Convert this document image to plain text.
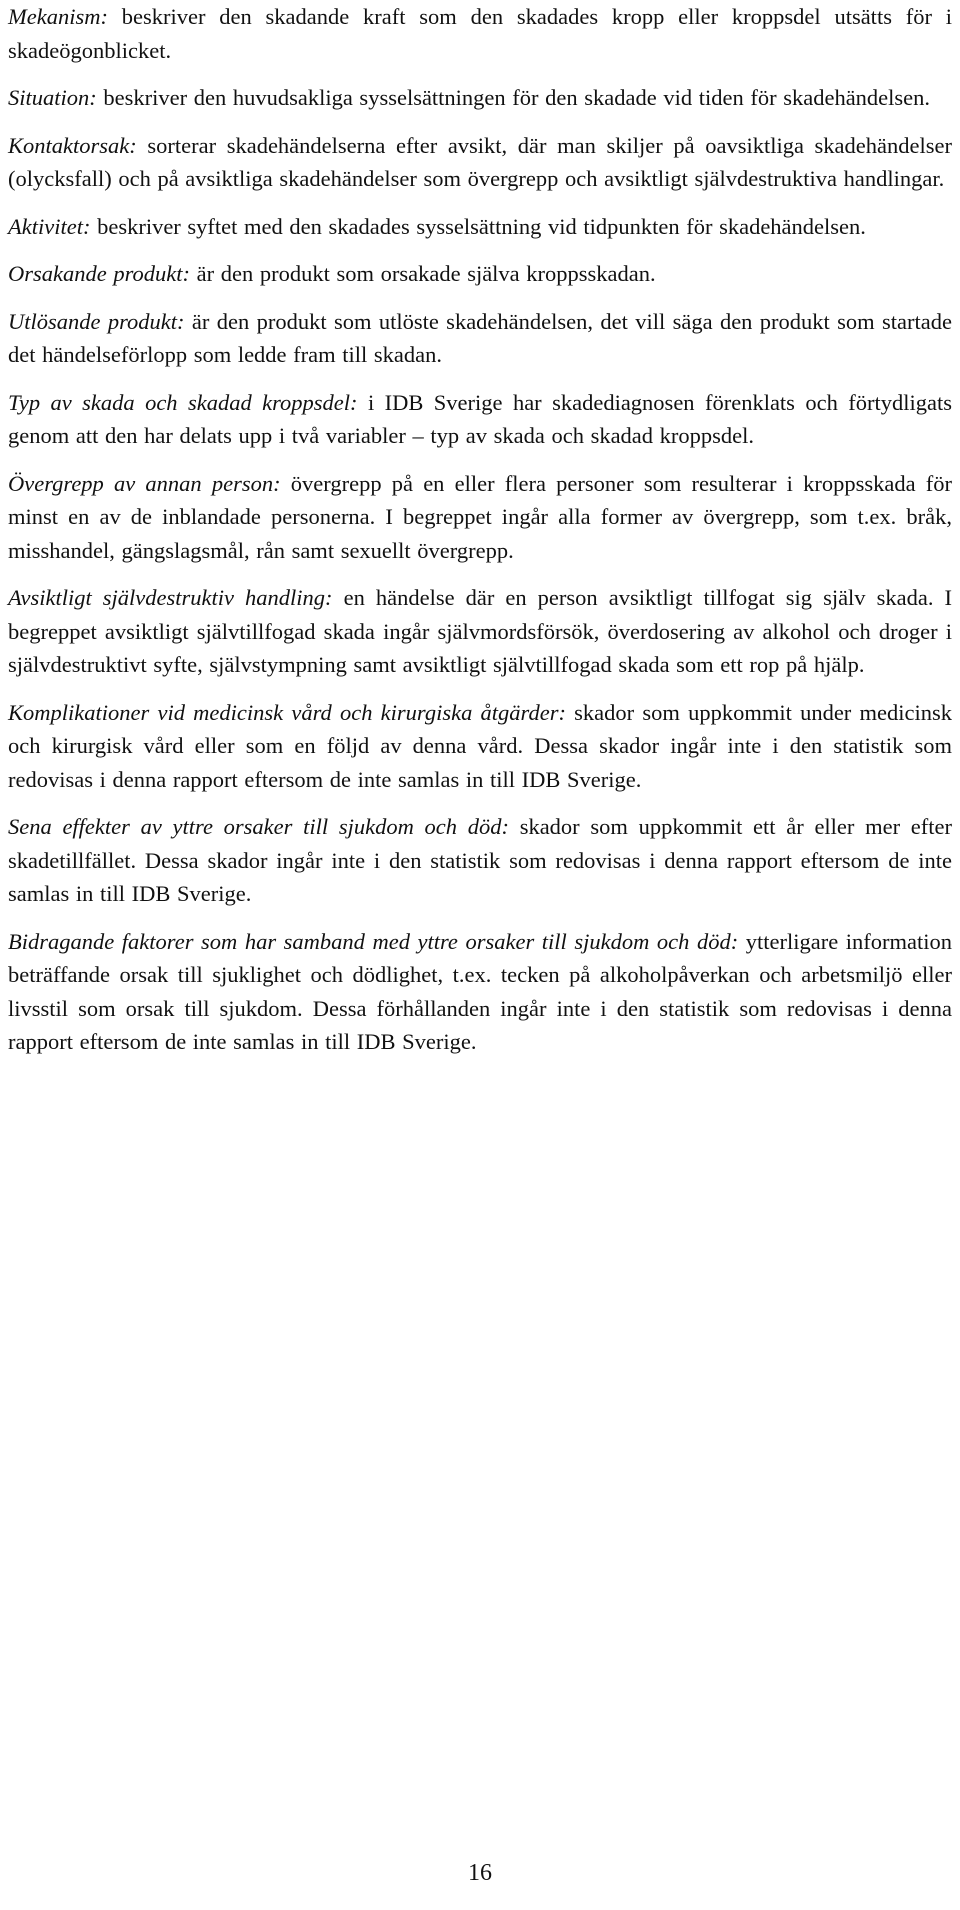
Mekanism: beskriver den skadande kraft som den skadades kropp eller kroppsdel utsätts för i skadeögonblicket.

Situation: beskriver den huvudsakliga sysselsättningen för den skadade vid tiden för skadehändelsen.

Kontaktorsak: sorterar skadehändelserna efter avsikt, där man skiljer på oavsiktliga skadehändelser (olycksfall) och på avsiktliga skadehändelser som övergrepp och avsiktligt självdestruktiva handlingar.

Aktivitet: beskriver syftet med den skadades sysselsättning vid tidpunkten för skadehändelsen.

Orsakande produkt: är den produkt som orsakade själva kroppsskadan.

Utlösande produkt: är den produkt som utlöste skadehändelsen, det vill säga den produkt som startade det händelseförlopp som ledde fram till skadan.

Typ av skada och skadad kroppsdel: i IDB Sverige har skadediagnosen förenklats och förtydligats genom att den har delats upp i två variabler – typ av skada och skadad kroppsdel.

Övergrepp av annan person: övergrepp på en eller flera personer som resulterar i kroppsskada för minst en av de inblandade personerna. I begreppet ingår alla former av övergrepp, som t.ex. bråk, misshandel, gängslagsmål, rån samt sexuellt övergrepp.

Avsiktligt självdestruktiv handling: en händelse där en person avsiktligt tillfogat sig själv skada. I begreppet avsiktligt självtillfogad skada ingår självmordsförsök, överdosering av alkohol och droger i självdestruktivt syfte, självstympning samt avsiktligt självtillfogad skada som ett rop på hjälp.

Komplikationer vid medicinsk vård och kirurgiska åtgärder: skador som uppkommit under medicinsk och kirurgisk vård eller som en följd av denna vård. Dessa skador ingår inte i den statistik som redovisas i denna rapport eftersom de inte samlas in till IDB Sverige.

Sena effekter av yttre orsaker till sjukdom och död: skador som uppkommit ett år eller mer efter skadetillfället. Dessa skador ingår inte i den statistik som redovisas i denna rapport eftersom de inte samlas in till IDB Sverige.

Bidragande faktorer som har samband med yttre orsaker till sjukdom och död: ytterligare information beträffande orsak till sjuklighet och dödlighet, t.ex. tecken på alkoholpåverkan och arbetsmiljö eller livsstil som orsak till sjukdom. Dessa förhållanden ingår inte i den statistik som redovisas i denna rapport eftersom de inte samlas in till IDB Sverige.

16
